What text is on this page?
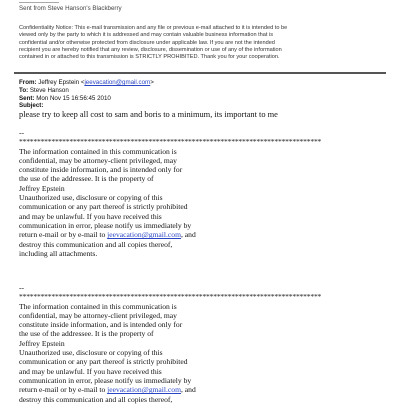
Sent from Steve Hanson's Blackberry
Confidentiality Notice: This e-mail transmission and any file or previous e-mail attached to it is intended to be
viewed only by the party to which it is addressed and may contain valuable business information that is
confidential and/or otherwise protected from disclosure under applicable law. If you are not the intended
recipient you are hereby notified that any review, disclosure, dissemination or use of any of the information
contained in or attached to this transmission is STRICTLY PROHIBITED. Thank you for your cooperation.
From: Jeffrey Epstein <jeevacation@gmail.com>
To: Steve Hanson
Sent: Mon Nov 15 16:56:45 2010
Subject:
please try to keep all cost to sam and boris to a minimum, its important to me
--
************************************************************************************
The information contained in this communication is
confidential, may be attorney-client privileged, may
constitute inside information, and is intended only for
the use of the addressee. It is the property of
Jeffrey Epstein
Unauthorized use, disclosure or copying of this
communication or any part thereof is strictly prohibited
and may be unlawful. If you have received this
communication in error, please notify us immediately by
return e-mail or by e-mail to jeevacation@gmail.com, and
destroy this communication and all copies thereof,
including all attachments.
--
************************************************************************************
The information contained in this communication is
confidential, may be attorney-client privileged, may
constitute inside information, and is intended only for
the use of the addressee. It is the property of
Jeffrey Epstein
Unauthorized use, disclosure or copying of this
communication or any part thereof is strictly prohibited
and may be unlawful. If you have received this
communication in error, please notify us immediately by
return e-mail or by e-mail to jeevacation@gmail.com, and
destroy this communication and all copies thereof,
